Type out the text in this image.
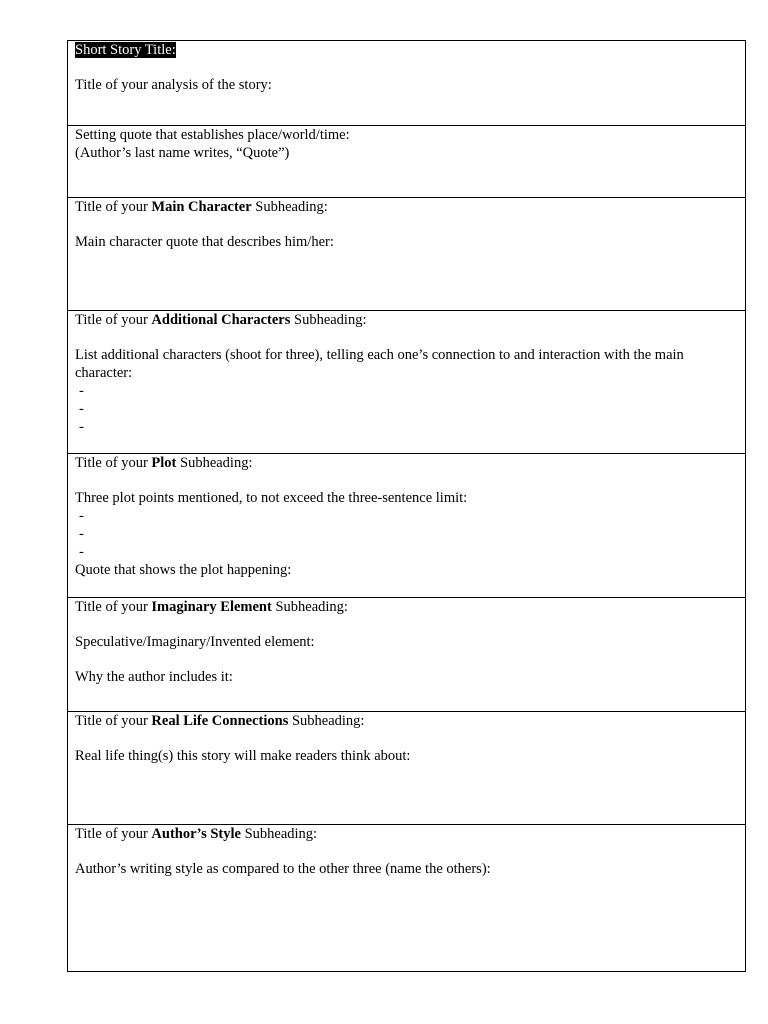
Short Story Title:
Title of your analysis of the story:
Setting quote that establishes place/world/time:
(Author’s last name writes, “Quote”)
Title of your Main Character Subheading:
Main character quote that describes him/her:
Title of your Additional Characters Subheading:
List additional characters (shoot for three), telling each one’s connection to and interaction with the main character:
-
-
-
Title of your Plot Subheading:
Three plot points mentioned, to not exceed the three-sentence limit:
-
-
-
Quote that shows the plot happening:
Title of your Imaginary Element Subheading:
Speculative/Imaginary/Invented element:
Why the author includes it:
Title of your Real Life Connections Subheading:
Real life thing(s) this story will make readers think about:
Title of your Author’s Style Subheading:
Author’s writing style as compared to the other three (name the others):
